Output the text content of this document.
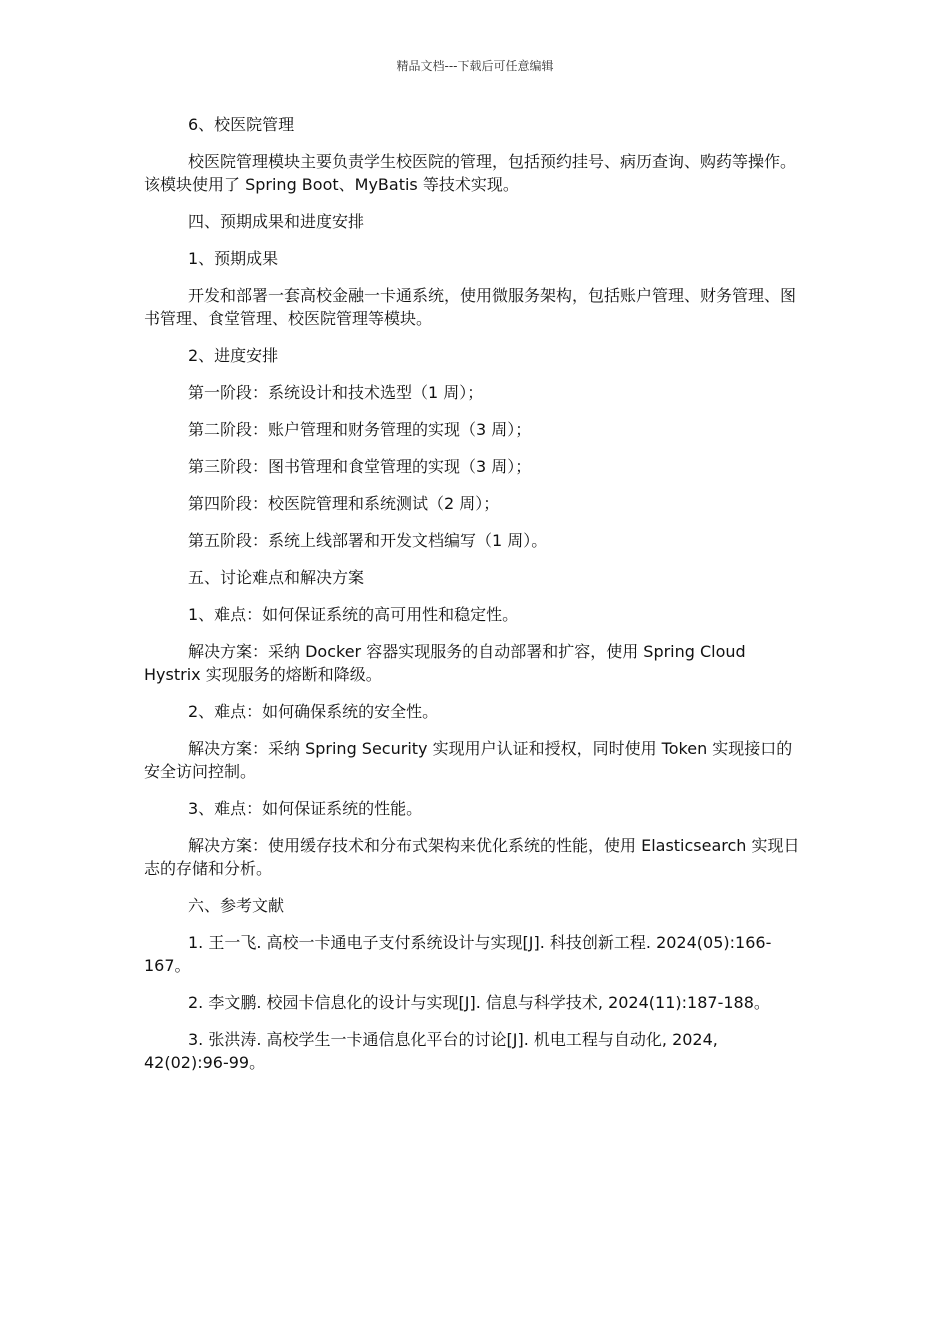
精品文档---下载后可任意编辑

6、校医院管理

校医院管理模块主要负责学生校医院的管理，包括预约挂号、病历查询、购药等操作。该模块使用了 Spring Boot、MyBatis 等技术实现。

四、预期成果和进度安排

1、预期成果

开发和部署一套高校金融一卡通系统，使用微服务架构，包括账户管理、财务管理、图书管理、食堂管理、校医院管理等模块。

2、进度安排

第一阶段：系统设计和技术选型（1 周）；

第二阶段：账户管理和财务管理的实现（3 周）；

第三阶段：图书管理和食堂管理的实现（3 周）；

第四阶段：校医院管理和系统测试（2 周）；

第五阶段：系统上线部署和开发文档编写（1 周）。

五、讨论难点和解决方案

1、难点：如何保证系统的高可用性和稳定性。

解决方案：采纳 Docker 容器实现服务的自动部署和扩容，使用 Spring Cloud Hystrix 实现服务的熔断和降级。

2、难点：如何确保系统的安全性。

解决方案：采纳 Spring Security 实现用户认证和授权，同时使用 Token 实现接口的安全访问控制。

3、难点：如何保证系统的性能。

解决方案：使用缓存技术和分布式架构来优化系统的性能，使用 Elasticsearch 实现日志的存储和分析。

六、参考文献

1. 王一飞. 高校一卡通电子支付系统设计与实现[J]. 科技创新工程. 2024(05):166-167。

2. 李文鹏. 校园卡信息化的设计与实现[J]. 信息与科学技术, 2024(11):187-188。

3. 张洪涛. 高校学生一卡通信息化平台的讨论[J]. 机电工程与自动化, 2024, 42(02):96-99。
